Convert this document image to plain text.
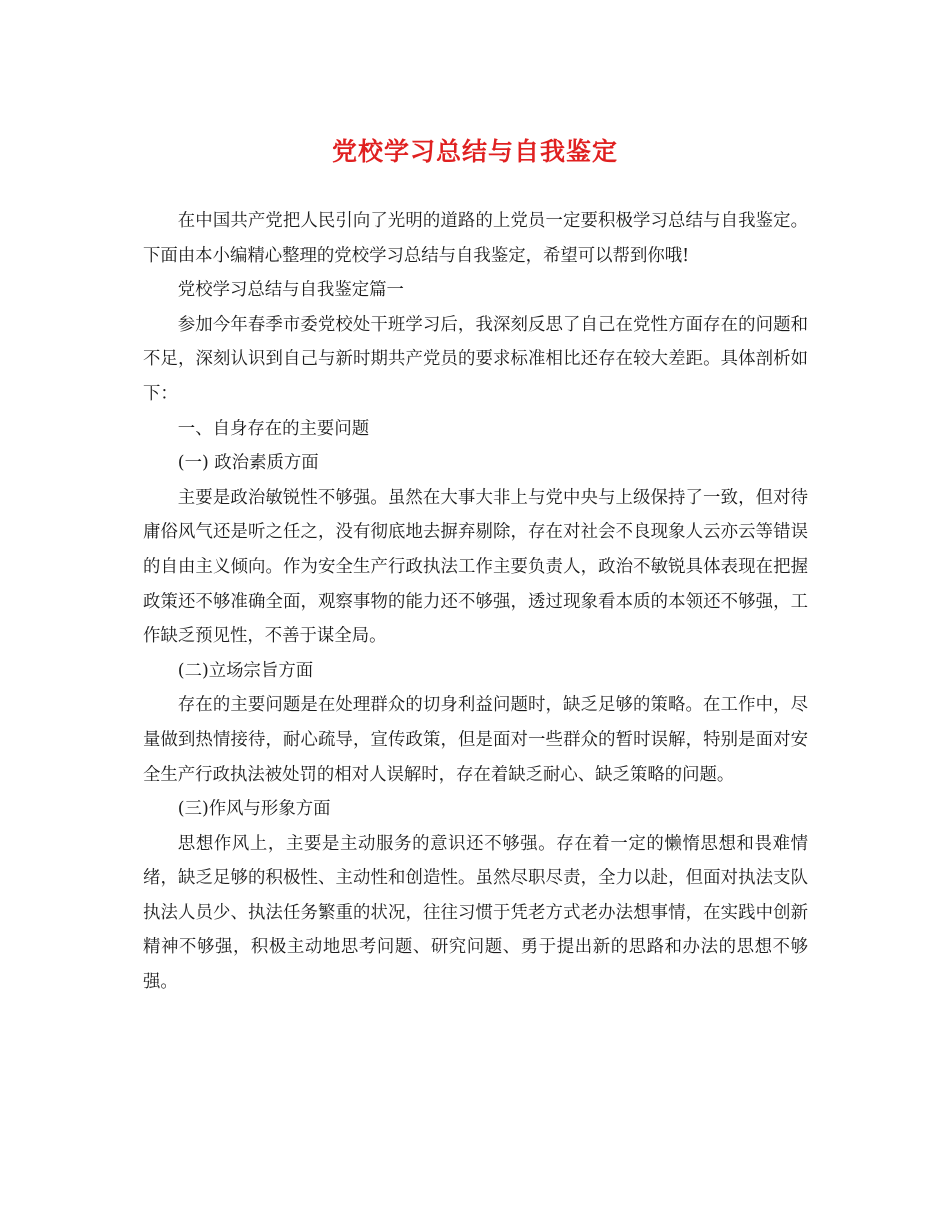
党校学习总结与自我鉴定

在中国共产党把人民引向了光明的道路的上党员一定要积极学习总结与自我鉴定。下面由本小编精心整理的党校学习总结与自我鉴定，希望可以帮到你哦!

党校学习总结与自我鉴定篇一

参加今年春季市委党校处干班学习后，我深刻反思了自己在党性方面存在的问题和不足，深刻认识到自己与新时期共产党员的要求标准相比还存在较大差距。具体剖析如下：

一、自身存在的主要问题

(一) 政治素质方面

主要是政治敏锐性不够强。虽然在大事大非上与党中央与上级保持了一致，但对待庸俗风气还是听之任之，没有彻底地去摒弃剔除，存在对社会不良现象人云亦云等错误的自由主义倾向。作为安全生产行政执法工作主要负责人，政治不敏锐具体表现在把握政策还不够准确全面，观察事物的能力还不够强，透过现象看本质的本领还不够强，工作缺乏预见性，不善于谋全局。

(二)立场宗旨方面

存在的主要问题是在处理群众的切身利益问题时，缺乏足够的策略。在工作中，尽量做到热情接待，耐心疏导，宣传政策，但是面对一些群众的暂时误解，特别是面对安全生产行政执法被处罚的相对人误解时，存在着缺乏耐心、缺乏策略的问题。

(三)作风与形象方面

思想作风上，主要是主动服务的意识还不够强。存在着一定的懒惰思想和畏难情绪，缺乏足够的积极性、主动性和创造性。虽然尽职尽责，全力以赴，但面对执法支队执法人员少、执法任务繁重的状况，往往习惯于凭老方式老办法想事情，在实践中创新精神不够强，积极主动地思考问题、研究问题、勇于提出新的思路和办法的思想不够强。
